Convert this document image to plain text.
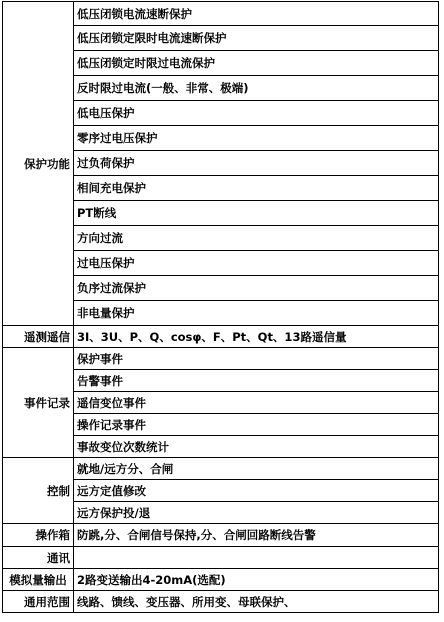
保护功能	低压闭锁电流速断保护
	低压闭锁定限时电流速断保护
	低压闭锁定时限过电流保护
	反时限过电流(一般、非常、极端)
	低电压保护
	零序过电压保护
	过负荷保护
	相间充电保护
	PT断线
	方向过流
	过电压保护
	负序过流保护
	非电量保护
遥测遥信	3I、3U、P、Q、cosφ、F、Pt、Qt、13路遥信量
事件记录	保护事件
	告警事件
	遥信变位事件
	操作记录事件
	事故变位次数统计
控制	就地/远方分、合闸
	远方定值修改
	远方保护投/退
操作箱	防跳,分、合闸信号保持,分、合闸回路断线告警
通讯	
模拟量输出	2路变送输出4-20mA(选配)
通用范围	线路、馈线、变压器、所用变、母联保护、
